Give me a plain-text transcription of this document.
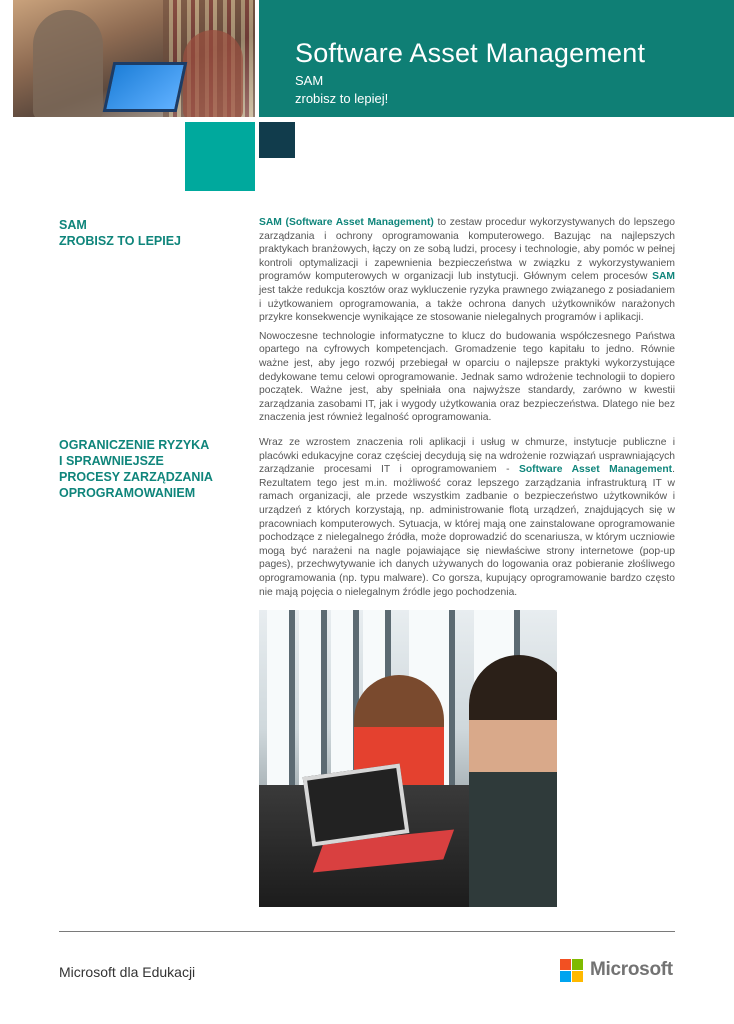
Software Asset Management
SAM
zrobisz to lepiej!
SAM
ZROBISZ TO LEPIEJ

SAM (Software Asset Management) to zestaw procedur wykorzystywanych do lepszego zarządzania i ochrony oprogramowania komputerowego. Bazując na najlepszych praktykach branżowych, łączy on ze sobą ludzi, procesy i technologie, aby pomóc w pełnej kontroli optymalizacji i zapewnienia bezpieczeństwa w związku z wykorzystywaniem programów komputerowych w organizacji lub instytucji. Głównym celem procesów SAM jest także redukcja kosztów oraz wykluczenie ryzyka prawnego związanego z posiadaniem i użytkowaniem oprogramowania, a także ochrona danych użytkowników narażonych przykre konsekwencje wynikające ze stosowanie nielegalnych programów i aplikacji.

Nowoczesne technologie informatyczne to klucz do budowania współczesnego Państwa opartego na cyfrowych kompetencjach. Gromadzenie tego kapitału to jedno. Równie ważne jest, aby jego rozwój przebiegał w oparciu o najlepsze praktyki wykorzystujące dedykowane temu celowi oprogramowanie. Jednak samo wdrożenie technologii to dopiero początek. Ważne jest, aby spełniała ona najwyższe standardy, zarówno w kwestii zarządzania zasobami IT, jak i wygody użytkowania oraz bezpieczeństwa. Dlatego nie bez znaczenia jest również legalność oprogramowania.

OGRANICZENIE RYZYKA
I SPRAWNIEJSZE
PROCESY ZARZĄDZANIA
OPROGRAMOWANIEM

Wraz ze wzrostem znaczenia roli aplikacji i usług w chmurze, instytucje publiczne i placówki edukacyjne coraz częściej decydują się na wdrożenie rozwiązań usprawniających zarządzanie procesami IT i oprogramowaniem - Software Asset Management. Rezultatem tego jest m.in. możliwość coraz lepszego zarządzania infrastrukturą IT w ramach organizacji, ale przede wszystkim zadbanie o bezpieczeństwo użytkowników i urządzeń z których korzystają, np. administrowanie flotą urządzeń, znajdujących się w pracowniach komputerowych. Sytuacja, w której mają one zainstalowane oprogramowanie pochodzące z nielegalnego źródła, może doprowadzić do scenariusza, w którym uczniowie mogą być narażeni na nagle pojawiające się niewłaściwe strony internetowe (pop-up pages), przechwytywanie ich danych używanych do logowania oraz pobieranie złośliwego oprogramowania (np. typu malware). Co gorsza, kupujący oprogramowanie bardzo często nie mają pojęcia o nielegalnym źródle jego pochodzenia.

Microsoft dla Edukacji	Microsoft
